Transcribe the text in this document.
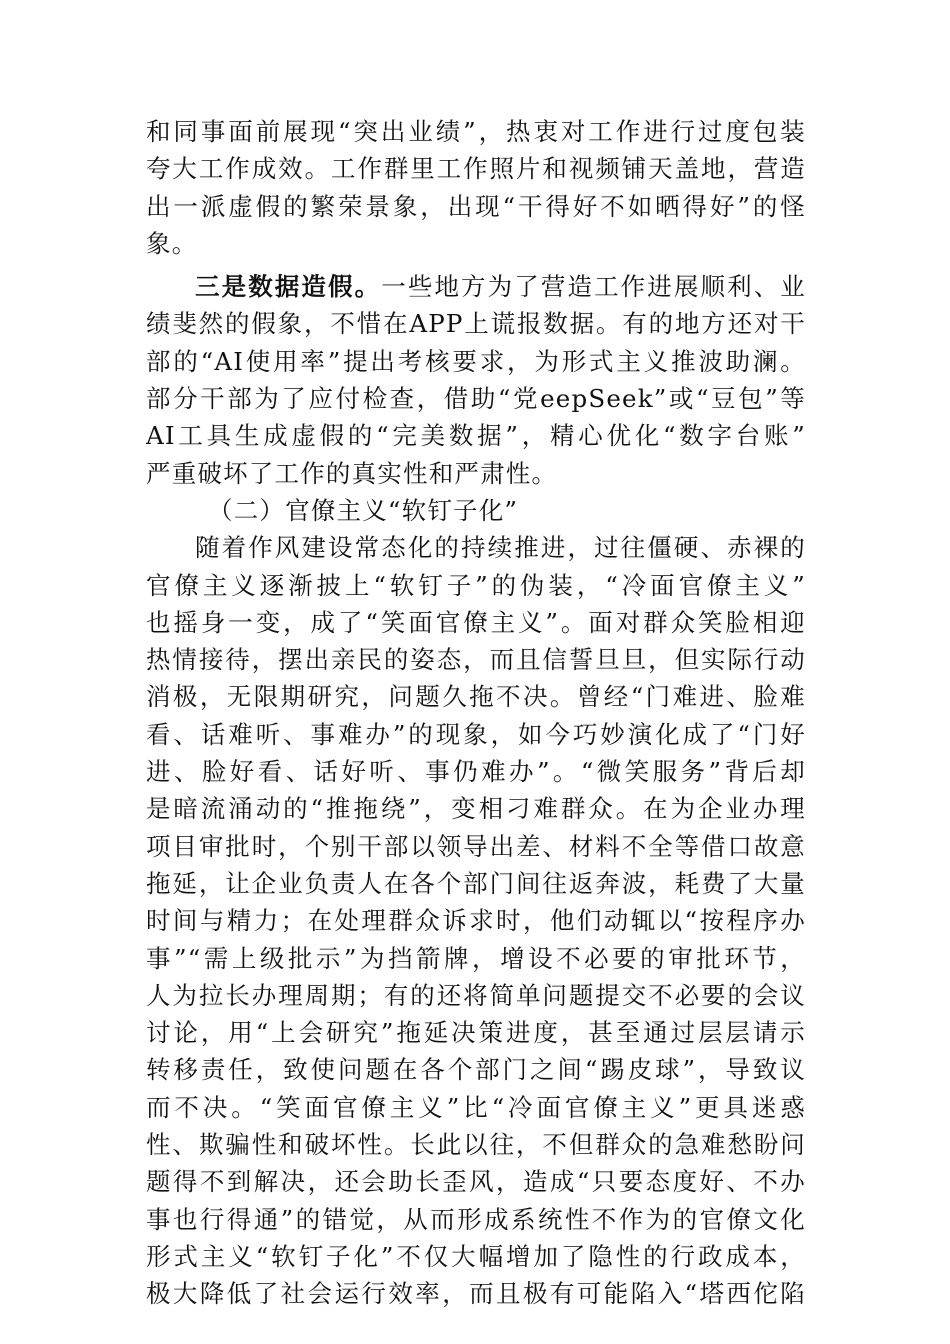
和同事面前展现“突出业绩”，热衷对工作进行过度包装
夸大工作成效。工作群里工作照片和视频铺天盖地，营造
出一派虚假的繁荣景象，出现“干得好不如晒得好”的怪
象。
三是数据造假。一些地方为了营造工作进展顺利、业
绩斐然的假象，不惜在APP上谎报数据。有的地方还对干
部的“AI使用率”提出考核要求，为形式主义推波助澜。
部分干部为了应付检查，借助“党eepSeek”或“豆包”等
AI工具生成虚假的“完美数据”，精心优化“数字台账”
严重破坏了工作的真实性和严肃性。
（二）官僚主义“软钉子化”
随着作风建设常态化的持续推进，过往僵硬、赤裸的
官僚主义逐渐披上“软钉子”的伪装，“冷面官僚主义”
也摇身一变，成了“笑面官僚主义”。面对群众笑脸相迎
热情接待，摆出亲民的姿态，而且信誓旦旦，但实际行动
消极，无限期研究，问题久拖不决。曾经“门难进、脸难
看、话难听、事难办”的现象，如今巧妙演化成了“门好
进、脸好看、话好听、事仍难办”。“微笑服务”背后却
是暗流涌动的“推拖绕”，变相刁难群众。在为企业办理
项目审批时，个别干部以领导出差、材料不全等借口故意
拖延，让企业负责人在各个部门间往返奔波，耗费了大量
时间与精力；在处理群众诉求时，他们动辄以“按程序办
事”“需上级批示”为挡箭牌，增设不必要的审批环节，
人为拉长办理周期；有的还将简单问题提交不必要的会议
讨论，用“上会研究”拖延决策进度，甚至通过层层请示
转移责任，致使问题在各个部门之间“踢皮球”，导致议
而不决。“笑面官僚主义”比“冷面官僚主义”更具迷惑
性、欺骗性和破坏性。长此以往，不但群众的急难愁盼问
题得不到解决，还会助长歪风，造成“只要态度好、不办
事也行得通”的错觉，从而形成系统性不作为的官僚文化
形式主义“软钉子化”不仅大幅增加了隐性的行政成本，
极大降低了社会运行效率，而且极有可能陷入“塔西佗陷
